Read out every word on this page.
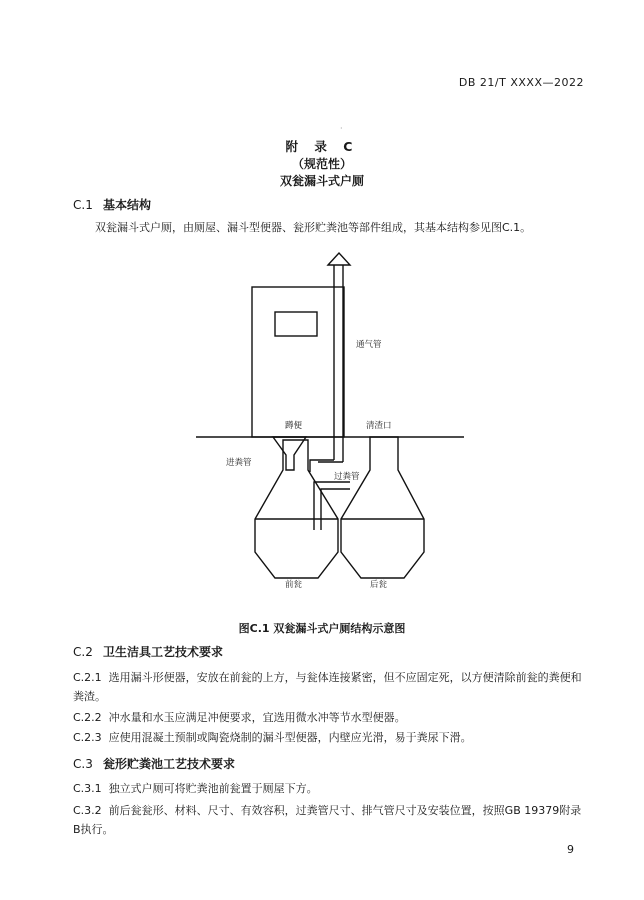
DB 21/T XXXX—2022
·
附 录 C
（规范性）
双瓮漏斗式户厕
C.1 基本结构
双瓮漏斗式户厕，由厕屋、漏斗型便器、瓮形贮粪池等部件组成，其基本结构参见图C.1。
通气管
蹲便	清渣口
进粪管
过粪管
前瓮	后瓮
图C.1 双瓮漏斗式户厕结构示意图
C.2 卫生洁具工艺技术要求
C.2.1 选用漏斗形便器，安放在前瓮的上方，与瓮体连接紧密，但不应固定死，以方便清除前瓮的粪便和粪渣。
C.2.2 冲水量和水玉应满足冲便要求，宜选用微水冲等节水型便器。
C.2.3 应使用混凝土预制或陶瓷烧制的漏斗型便器，内壁应光滑，易于粪尿下滑。
C.3 瓮形贮粪池工艺技术要求
C.3.1 独立式户厕可将贮粪池前瓮置于厕屋下方。
C.3.2 前后瓮瓮形、材料、尺寸、有效容积，过粪管尺寸、排气管尺寸及安装位置，按照GB 19379附录B执行。
9
